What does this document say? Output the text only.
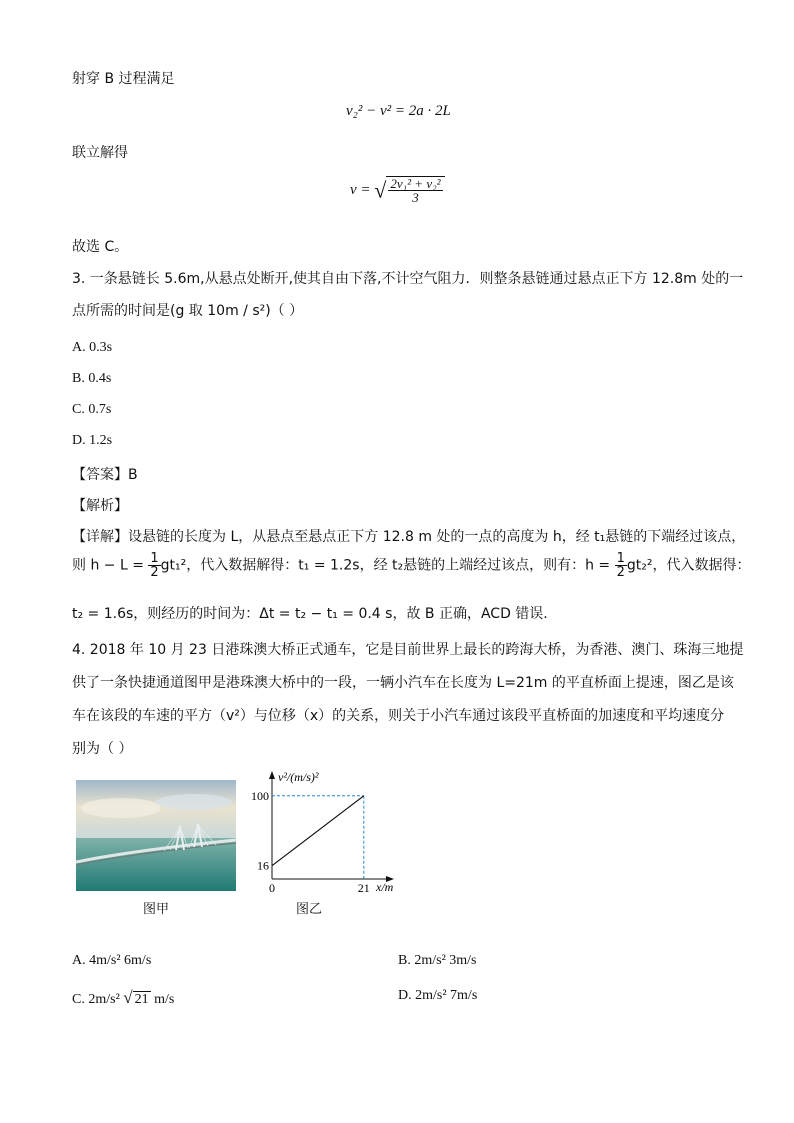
射穿 B 过程满足
v₂² − v² = 2a · 2L
联立解得
v = √ $\frac{\text{2v₁² + v₂²}}{3}$
故选 C。
3. 一条悬链长 5.6m,从悬点处断开,使其自由下落,不计空气阻力．则整条悬链通过悬点正下方 12.8m 处的一
点所需的时间是(g 取 10m / s²)（ ）
A. 0.3s
B. 0.4s
C. 0.7s
D. 1.2s
【答案】B
【解析】
【详解】设悬链的长度为 L，从悬点至悬点正下方 12.8 m 处的一点的高度为 h，经 t₁悬链的下端经过该点，
则 $h - L = \frac{1}{2} gt_1^2$，代入数据解得：t₁ = 1.2s，经 t₂悬链的上端经过该点，则有：$h = \frac{1}{2} gt_2^2$，代入数据得：
t₂ = 1.6s，则经历的时间为：Δt = t₂ − t₁ = 0.4 s，故 B 正确，ACD 错误.
4. 2018 年 10 月 23 日港珠澳大桥正式通车，它是目前世界上最长的跨海大桥，为香港、澳门、珠海三地提
供了一条快捷通道图甲是港珠澳大桥中的一段，一辆小汽车在长度为 L=21m 的平直桥面上提速，图乙是该
车在该段的车速的平方（v²）与位移（x）的关系，则关于小汽车通过该段平直桥面的加速度和平均速度分
别为（ ）
图甲
16
100
0	21 x/m
v²/(m/s)²
图乙
A. 4m/s² 6m/s	B. 2m/s² 3m/s
C. 2m/s² √ 21 m/s	D. 2m/s² 7m/s
